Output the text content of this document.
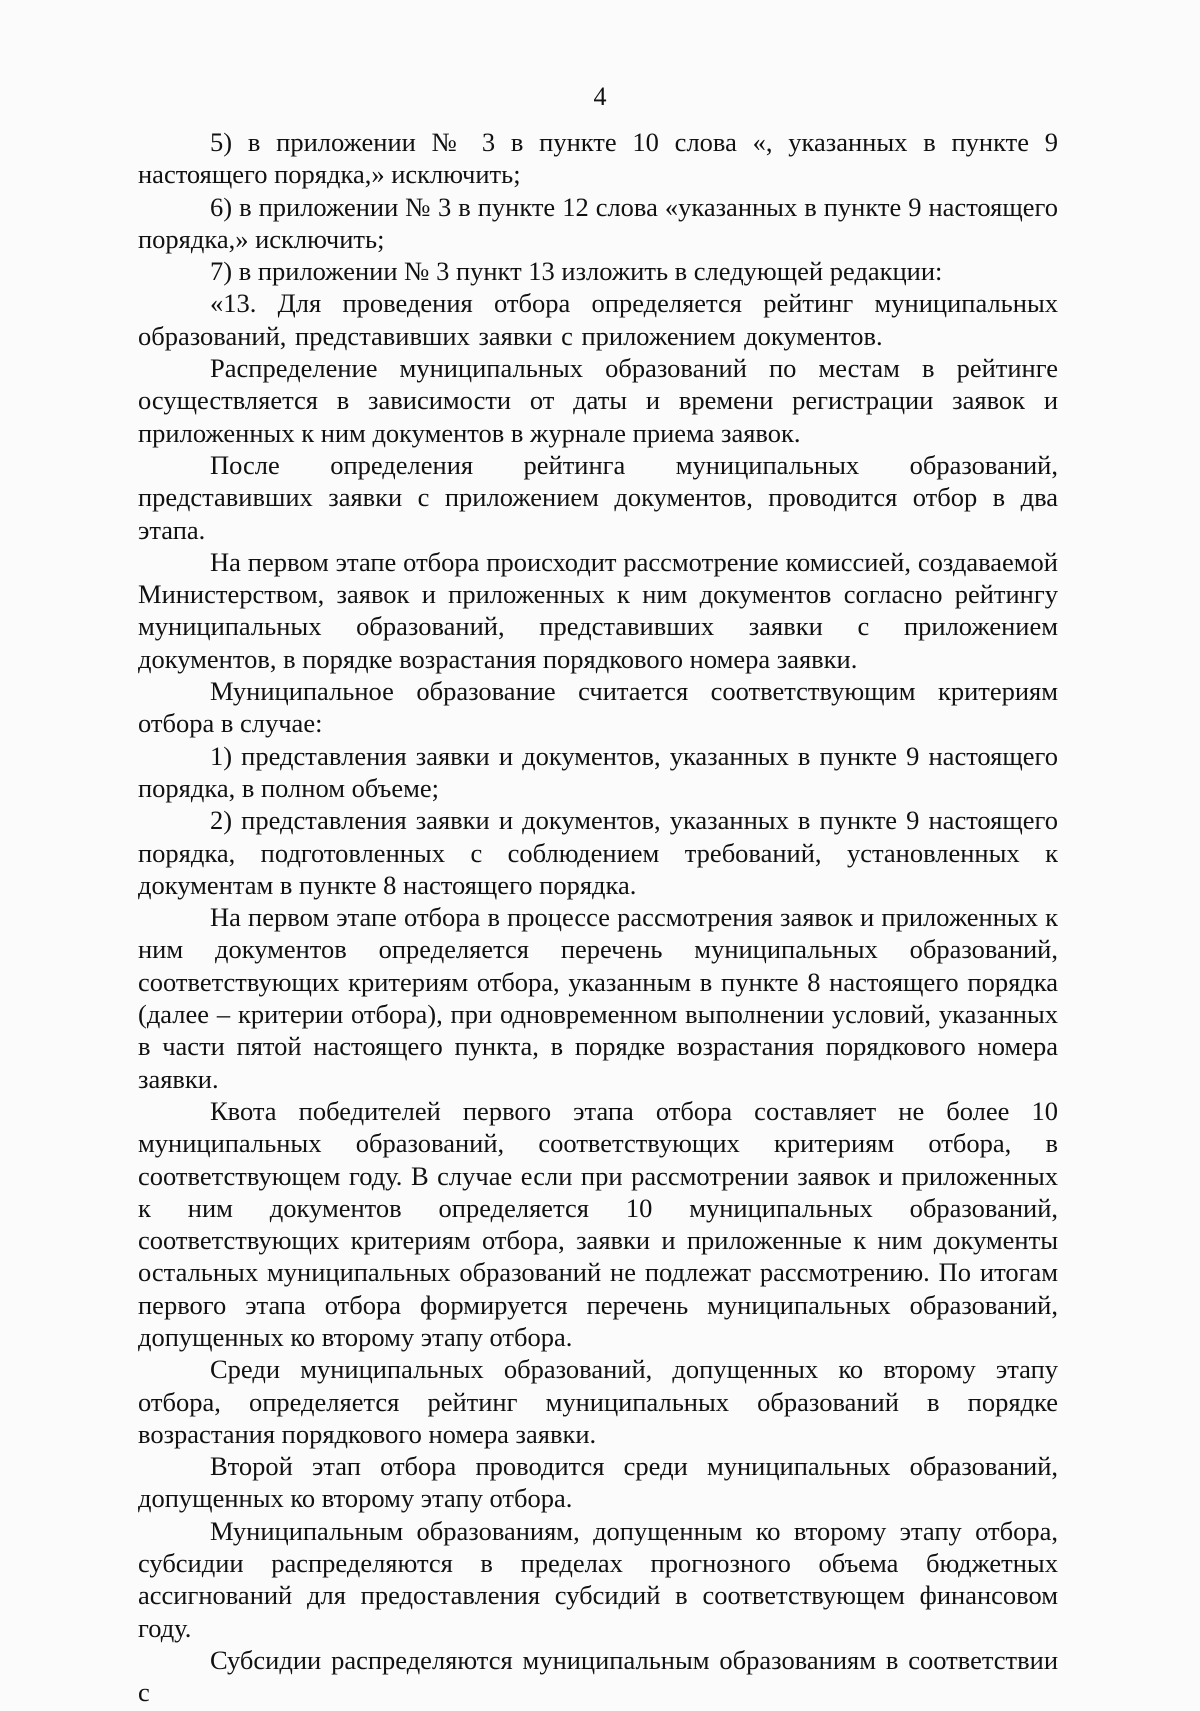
4

5) в приложении № 3 в пункте 10 слова «, указанных в пункте 9 настоящего порядка,» исключить;

6) в приложении № 3 в пункте 12 слова «указанных в пункте 9 настоящего порядка,» исключить;

7) в приложении № 3 пункт 13 изложить в следующей редакции:

«13. Для проведения отбора определяется рейтинг муниципальных образований, представивших заявки с приложением документов.

Распределение муниципальных образований по местам в рейтинге осуществляется в зависимости от даты и времени регистрации заявок и приложенных к ним документов в журнале приема заявок.

После определения рейтинга муниципальных образований, представивших заявки с приложением документов, проводится отбор в два этапа.

На первом этапе отбора происходит рассмотрение комиссией, создаваемой Министерством, заявок и приложенных к ним документов согласно рейтингу муниципальных образований, представивших заявки с приложением документов, в порядке возрастания порядкового номера заявки.

Муниципальное образование считается соответствующим критериям отбора в случае:

1) представления заявки и документов, указанных в пункте 9 настоящего порядка, в полном объеме;

2) представления заявки и документов, указанных в пункте 9 настоящего порядка, подготовленных с соблюдением требований, установленных к документам в пункте 8 настоящего порядка.

На первом этапе отбора в процессе рассмотрения заявок и приложенных к ним документов определяется перечень муниципальных образований, соответствующих критериям отбора, указанным в пункте 8 настоящего порядка (далее – критерии отбора), при одновременном выполнении условий, указанных в части пятой настоящего пункта, в порядке возрастания порядкового номера заявки.

Квота победителей первого этапа отбора составляет не более 10 муниципальных образований, соответствующих критериям отбора, в соответствующем году. В случае если при рассмотрении заявок и приложенных к ним документов определяется 10 муниципальных образований, соответствующих критериям отбора, заявки и приложенные к ним документы остальных муниципальных образований не подлежат рассмотрению. По итогам первого этапа отбора формируется перечень муниципальных образований, допущенных ко второму этапу отбора.

Среди муниципальных образований, допущенных ко второму этапу отбора, определяется рейтинг муниципальных образований в порядке возрастания порядкового номера заявки.

Второй этап отбора проводится среди муниципальных образований, допущенных ко второму этапу отбора.

Муниципальным образованиям, допущенным ко второму этапу отбора, субсидии распределяются в пределах прогнозного объема бюджетных ассигнований для предоставления субсидий в соответствующем финансовом году.

Субсидии распределяются муниципальным образованиям в соответствии с
